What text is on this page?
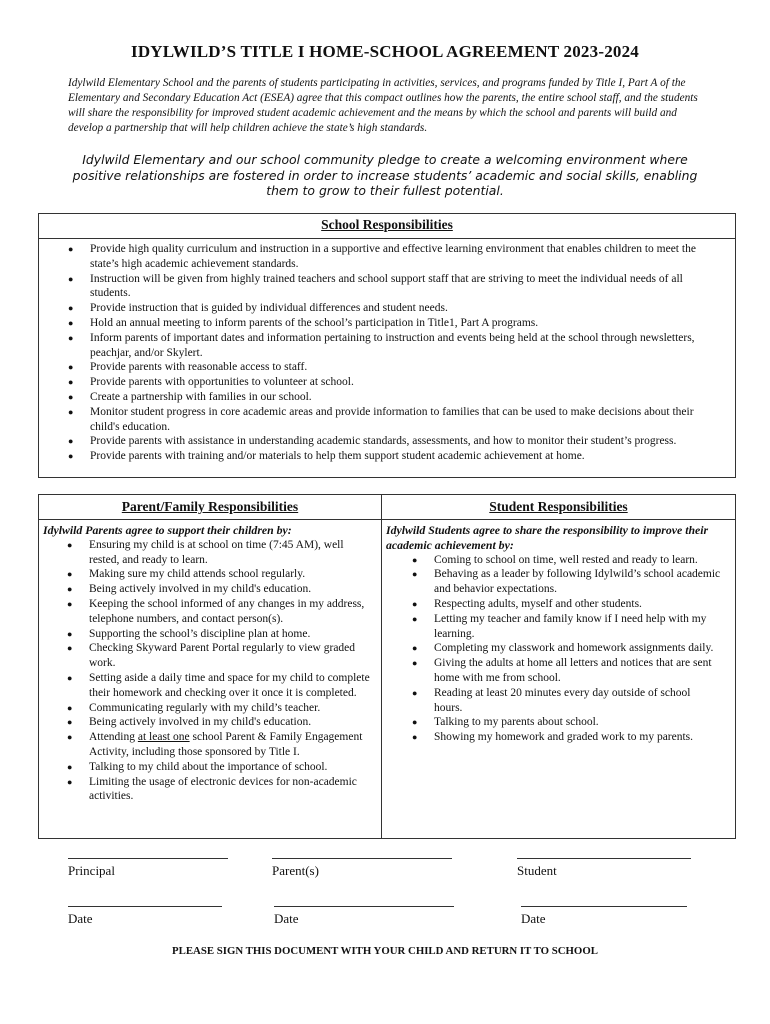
IDYLWILD’S TITLE I HOME-SCHOOL AGREEMENT 2023-2024
Idylwild Elementary School and the parents of students participating in activities, services, and programs funded by Title I, Part A of the Elementary and Secondary Education Act (ESEA) agree that this compact outlines how the parents, the entire school staff, and the students will share the responsibility for improved student academic achievement and the means by which the school and parents will build and develop a partnership that will help children achieve the state’s high standards.
Idylwild Elementary and our school community pledge to create a welcoming environment where positive relationships are fostered in order to increase students’ academic and social skills, enabling them to grow to their fullest potential.
School Responsibilities
● Provide high quality curriculum and instruction in a supportive and effective learning environment that enables children to meet the state’s high academic achievement standards.
● Instruction will be given from highly trained teachers and school support staff that are striving to meet the individual needs of all students.
● Provide instruction that is guided by individual differences and student needs.
● Hold an annual meeting to inform parents of the school’s participation in Title1, Part A programs.
● Inform parents of important dates and information pertaining to instruction and events being held at the school through newsletters, peachjar, and/or Skylert.
● Provide parents with reasonable access to staff.
● Provide parents with opportunities to volunteer at school.
● Create a partnership with families in our school.
● Monitor student progress in core academic areas and provide information to families that can be used to make decisions about their child's education.
● Provide parents with assistance in understanding academic standards, assessments, and how to monitor their student’s progress.
● Provide parents with training and/or materials to help them support student academic achievement at home.
Parent/Family Responsibilities
Idylwild Parents agree to support their children by:
● Ensuring my child is at school on time (7:45 AM), well rested, and ready to learn.
● Making sure my child attends school regularly.
● Being actively involved in my child's education.
● Keeping the school informed of any changes in my address, telephone numbers, and contact person(s).
● Supporting the school’s discipline plan at home.
● Checking Skyward Parent Portal regularly to view graded work.
● Setting aside a daily time and space for my child to complete their homework and checking over it once it is completed.
● Communicating regularly with my child’s teacher.
● Being actively involved in my child's education.
● Attending at least one school Parent & Family Engagement Activity, including those sponsored by Title I.
● Talking to my child about the importance of school.
● Limiting the usage of electronic devices for non-academic activities.
Student Responsibilities
Idylwild Students agree to share the responsibility to improve their academic achievement by:
● Coming to school on time, well rested and ready to learn.
● Behaving as a leader by following Idylwild’s school academic and behavior expectations.
● Respecting adults, myself and other students.
● Letting my teacher and family know if I need help with my learning.
● Completing my classwork and homework assignments daily.
● Giving the adults at home all letters and notices that are sent home with me from school.
● Reading at least 20 minutes every day outside of school hours.
● Talking to my parents about school.
● Showing my homework and graded work to my parents.
Principal	Parent(s)	Student
Date	Date	Date
PLEASE SIGN THIS DOCUMENT WITH YOUR CHILD AND RETURN IT TO SCHOOL
